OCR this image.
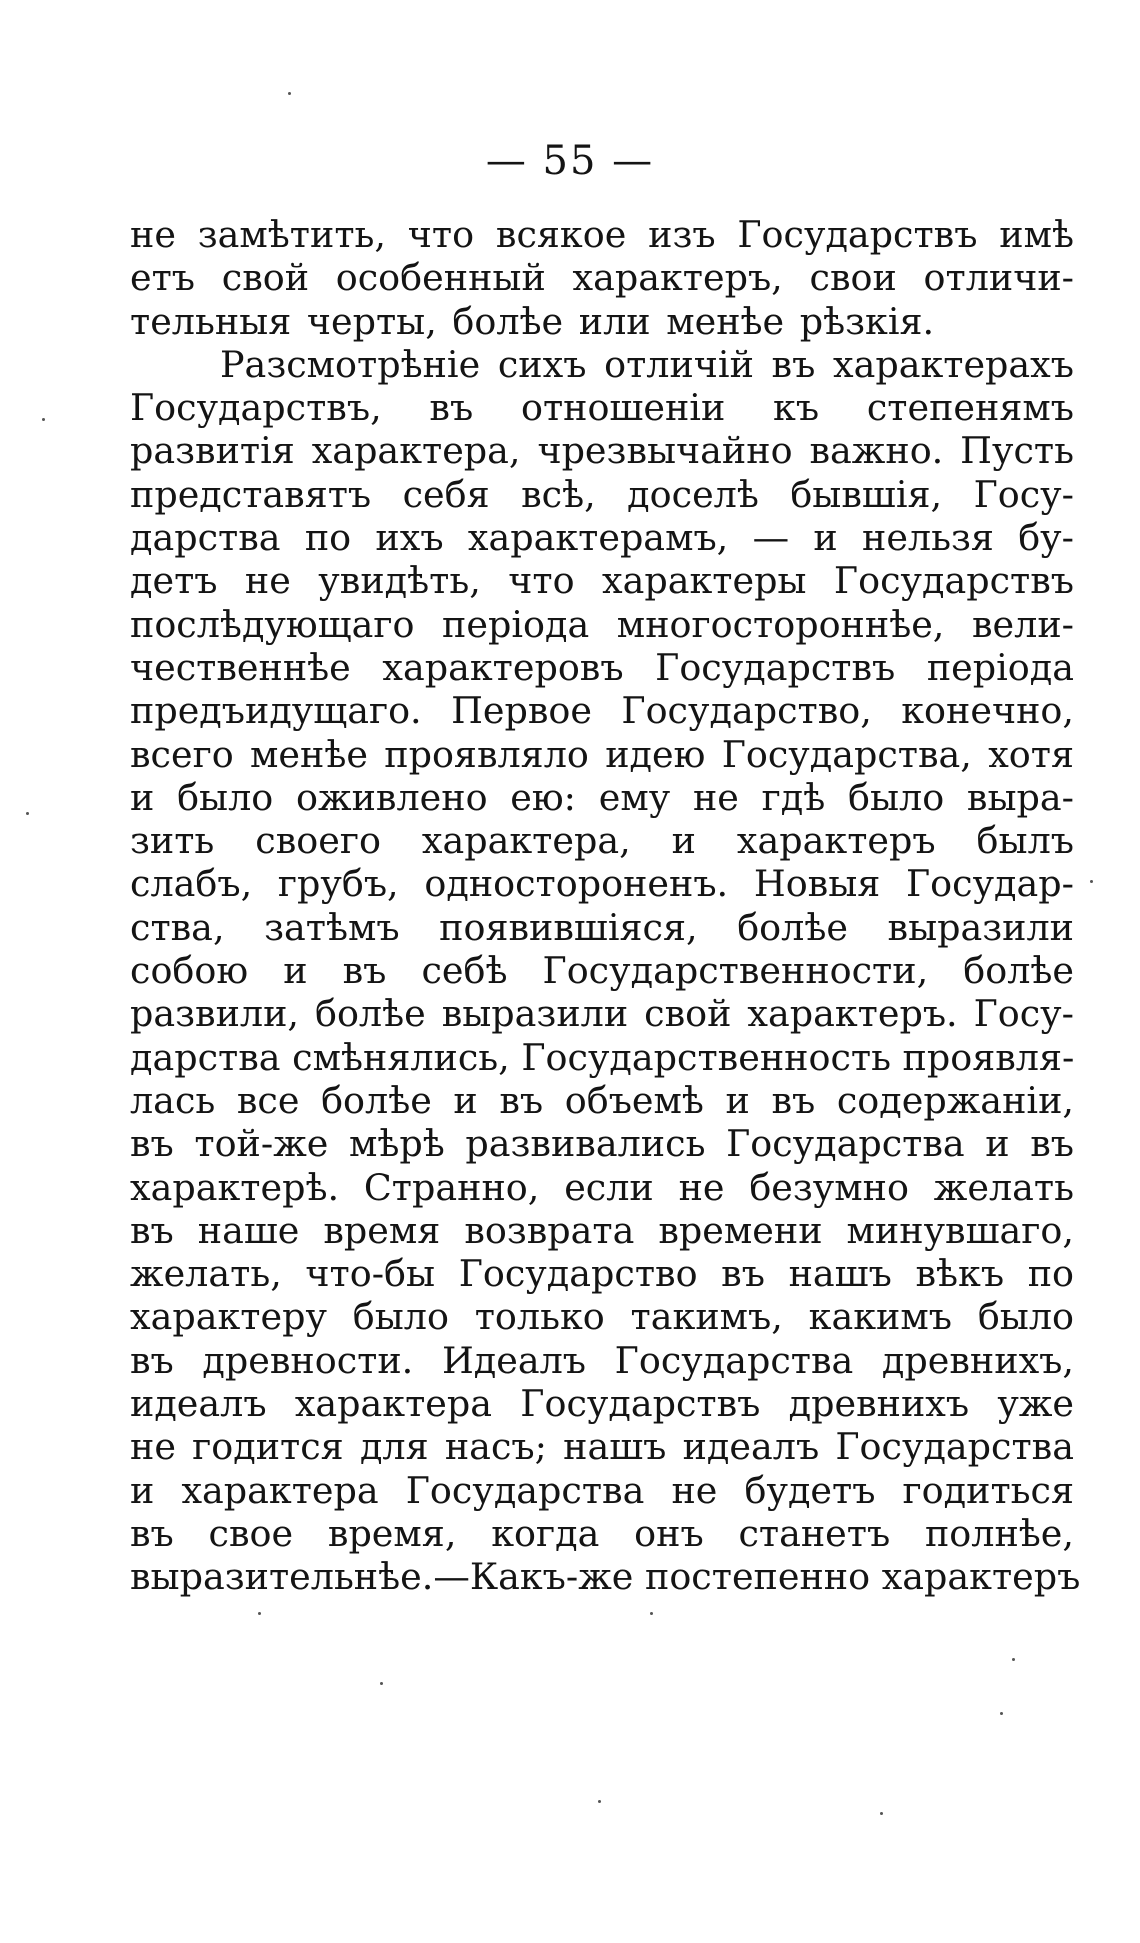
— 55 —
не замѣтить, что всякое изъ Государствъ имѣ
етъ свой особенный характеръ, свои отличи-
тельныя черты, болѣе или менѣе рѣзкія.
Разсмотрѣніе сихъ отличій въ характерахъ
Государствъ, въ отношеніи къ степенямъ
развитія характера, чрезвычайно важно. Пусть
представятъ себя всѣ, доселѣ бывшія, Госу-
дарства по ихъ характерамъ, — и нельзя бу-
детъ не увидѣть, что характеры Государствъ
послѣдующаго періода многостороннѣе, вели-
чественнѣе характеровъ Государствъ періода
предъидущаго. Первое Государство, конечно,
всего менѣе проявляло идею Государства, хотя
и было оживлено ею: ему не гдѣ было выра-
зить своего характера, и характеръ былъ
слабъ, грубъ, одностороненъ. Новыя Государ-
ства, затѣмъ появившіяся, болѣе выразили
собою и въ себѣ Государственности, болѣе
развили, болѣе выразили свой характеръ. Госу-
дарства смѣнялись, Государственность проявля-
лась все болѣе и въ объемѣ и въ содержаніи,
въ той-же мѣрѣ развивались Государства и въ
характерѣ. Странно, если не безумно желать
въ наше время возврата времени минувшаго,
желать, что-бы Государство въ нашъ вѣкъ по
характеру было только такимъ, какимъ было
въ древности. Идеалъ Государства древнихъ,
идеалъ характера Государствъ древнихъ уже
не годится для насъ; нашъ идеалъ Государства
и характера Государства не будетъ годиться
въ свое время, когда онъ станетъ полнѣе,
выразительнѣе.—Какъ-же постепенно характеръ
